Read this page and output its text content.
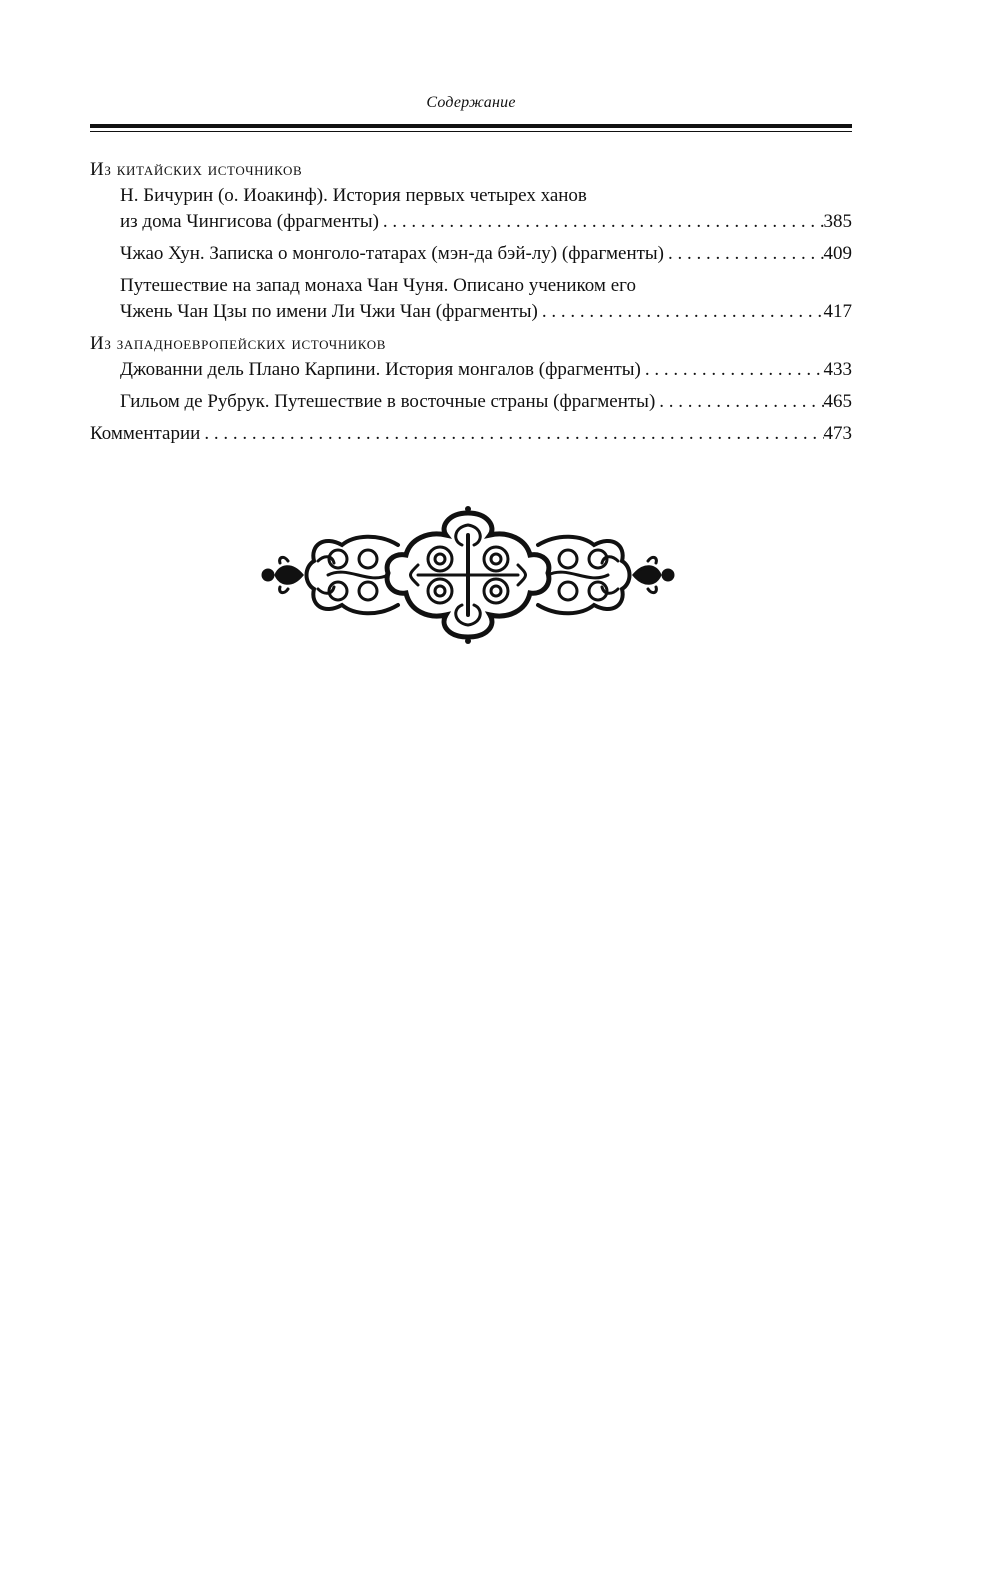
Содержание
Из китайских источников
Н. Бичурин (о. Иоакинф). История первых четырех ханов
из дома Чингисова (фрагменты) . . .	385
Чжао Хун. Записка о монголо-татарах (мэн-да бэй-лу) (фрагменты) . . .	409
Путешествие на запад монаха Чан Чуня. Описано учеником его
Чжень Чан Цзы по имени Ли Чжи Чан (фрагменты) . . .	417
Из западноевропейских источников
Джованни дель Плано Карпини. История монгалов (фрагменты) . . .	433
Гильом де Рубрук. Путешествие в восточные страны (фрагменты) . . .	465
Комментарии . . .	473
